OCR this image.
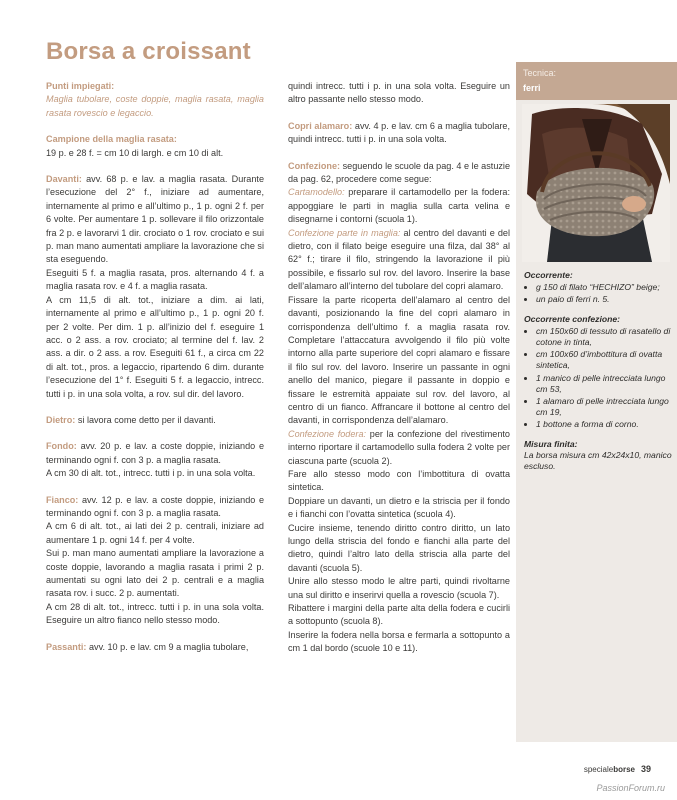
Borsa a croissant

Punti impiegati:

Maglia tubolare, coste doppie, maglia rasata, maglia rasata rovescio e legaccio.

Campione della maglia rasata:

19 p. e 28 f. = cm 10 di largh. e cm 10 di alt.

Davanti: avv. 68 p. e lav. a maglia rasata. Durante l’esecuzione del 2° f., iniziare ad aumentare, internamente al primo e all’ultimo p., 1 p. ogni 2 f. per 6 volte. Per aumentare 1 p. sollevare il filo orizzontale fra 2 p. e lavorarvi 1 dir. crociato o 1 rov. crociato e sui p. man mano aumentati ampliare la lavorazione che si sta eseguendo.

Eseguiti 5 f. a maglia rasata, pros. alternando 4 f. a maglia rasata rov. e 4 f. a maglia rasata.

A cm 11,5 di alt. tot., iniziare a dim. ai lati, internamente al primo e all’ultimo p., 1 p. ogni 20 f. per 2 volte. Per dim. 1 p. all’inizio del f. eseguire 1 acc. o 2 ass. a rov. crociato; al termine del f. lav. 2 ass. a dir. o 2 ass. a rov. Eseguiti 61 f., a circa cm 22 di alt. tot., pros. a legaccio, ripartendo 6 dim. durante l’esecuzione del 1° f. Eseguiti 5 f. a legaccio, intrecc. tutti i p. in una sola volta, a rov. sul dir. del lavoro.

Dietro: si lavora come detto per il davanti.

Fondo: avv. 20 p. e lav. a coste doppie, iniziando e terminando ogni f. con 3 p. a maglia rasata.

A cm 30 di alt. tot., intrecc. tutti i p. in una sola volta.

Fianco: avv. 12 p. e lav. a coste doppie, iniziando e terminando ogni f. con 3 p. a maglia rasata.

A cm 6 di alt. tot., ai lati dei 2 p. centrali, iniziare ad aumentare 1 p. ogni 14 f. per 4 volte.

Sui p. man mano aumentati ampliare la lavorazione a coste doppie, lavorando a maglia rasata i primi 2 p. aumentati su ogni lato dei 2 p. centrali e a maglia rasata rov. i succ. 2 p. aumentati.

A cm 28 di alt. tot., intrecc. tutti i p. in una sola volta. Eseguire un altro fianco nello stesso modo.

Passanti: avv. 10 p. e lav. cm 9 a maglia tubolare,

quindi intrecc. tutti i p. in una sola volta. Eseguire un altro passante nello stesso modo.

Copri alamaro: avv. 4 p. e lav. cm 6 a maglia tubolare, quindi intrecc. tutti i p. in una sola volta.

Confezione: seguendo le scuole da pag. 4 e le astuzie da pag. 62, procedere come segue:

Cartamodello: preparare il cartamodello per la fodera: appoggiare le parti in maglia sulla carta velina e disegnarne i contorni (scuola 1).

Confezione parte in maglia: al centro del davanti e del dietro, con il filato beige eseguire una filza, dal 38° al 62° f.; tirare il filo, stringendo la lavorazione il più possibile, e fissarlo sul rov. del lavoro. Inserire la base dell’alamaro all’interno del tubolare del copri alamaro.

Fissare la parte ricoperta dell’alamaro al centro del davanti, posizionando la fine del copri alamaro in corrispondenza dell’ultimo f. a maglia rasata rov. Completare l’attaccatura avvolgendo il filo più volte intorno alla parte superiore del copri alamaro e fissare il filo sul rov. del lavoro. Inserire un passante in ogni anello del manico, piegare il passante in doppio e fissare le estremità appaiate sul rov. del lavoro, al centro di un fianco. Affrancare il bottone al centro del davanti, in corrispondenza dell’alamaro.

Confezione fodera: per la confezione del rivestimento interno riportare il cartamodello sulla fodera 2 volte per ciascuna parte (scuola 2).

Fare allo stesso modo con l’imbottitura di ovatta sintetica.

Doppiare un davanti, un dietro e la striscia per il fondo e i fianchi con l’ovatta sintetica (scuola 4).

Cucire insieme, tenendo diritto contro diritto, un lato lungo della striscia del fondo e fianchi alla parte del dietro, quindi l’altro lato della striscia alla parte del davanti (scuola 5).

Unire allo stesso modo le altre parti, quindi rivoltarne una sul diritto e inserirvi quella a rovescio (scuola 7).

Ribattere i margini della parte alta della fodera e cucirli a sottopunto (scuola 8).

Inserire la fodera nella borsa e fermarla a sottopunto a cm 1 dal bordo (scuole 10 e 11).

Tecnica:
ferri

Occorrente:

• g 150 di filato “HECHIZO” beige;
• un paio di ferri n. 5.

Occorrente confezione:

• cm 150x60 di tessuto di rasatello di cotone in tinta,
• cm 100x60 d’imbottitura di ovatta sintetica,
• 1 manico di pelle intrecciata lungo cm 53,
• 1 alamaro di pelle intrecciata lungo cm 19,
• 1 bottone a forma di corno.

Misura finita:

La borsa misura cm 42x24x10, manico escluso.

specialeborse 39
PassionForum.ru
